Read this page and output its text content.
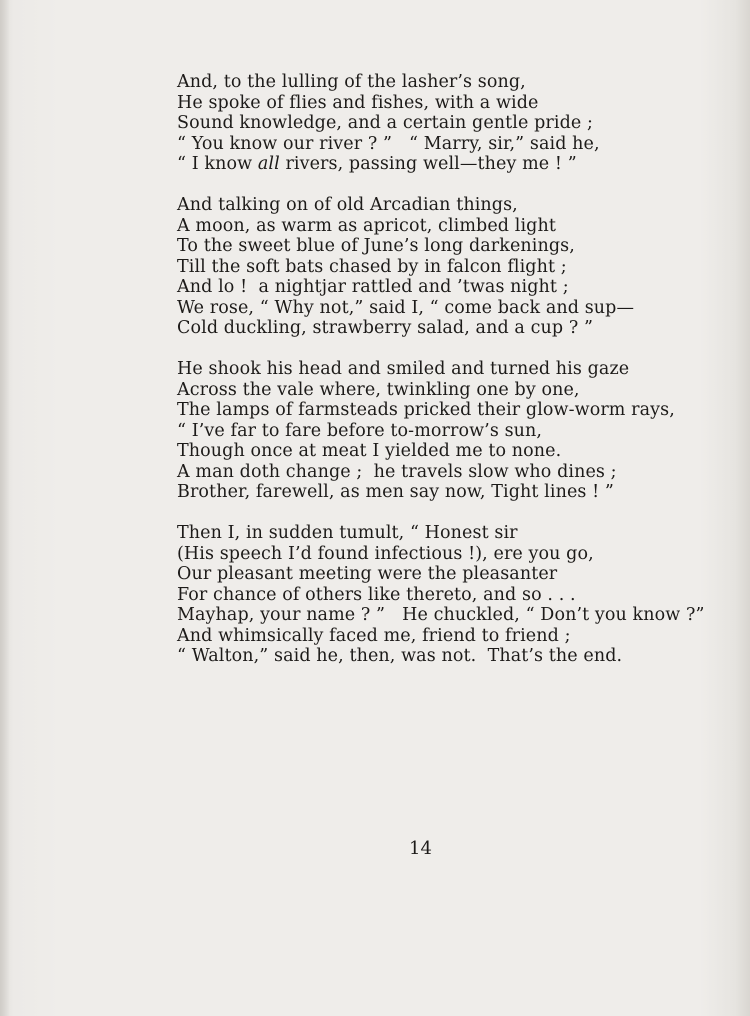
And, to the lulling of the lasher’s song,
He spoke of flies and fishes, with a wide
Sound knowledge, and a certain gentle pride ;
“ You know our river ? ”   “ Marry, sir,” said he,
“ I know all rivers, passing well—they me ! ”
And talking on of old Arcadian things,
A moon, as warm as apricot, climbed light
To the sweet blue of June’s long darkenings,
Till the soft bats chased by in falcon flight ;
And lo !  a nightjar rattled and ’twas night ;
We rose, “ Why not,” said I, “ come back and sup—
Cold duckling, strawberry salad, and a cup ? ”
He shook his head and smiled and turned his gaze
Across the vale where, twinkling one by one,
The lamps of farmsteads pricked their glow-worm rays,
“ I’ve far to fare before to-morrow’s sun,
Though once at meat I yielded me to none.
A man doth change ;  he travels slow who dines ;
Brother, farewell, as men say now, Tight lines ! ”
Then I, in sudden tumult, “ Honest sir
(His speech I’d found infectious !), ere you go,
Our pleasant meeting were the pleasanter
For chance of others like thereto, and so . . .
Mayhap, your name ? ”   He chuckled, “ Don’t you know ?”
And whimsically faced me, friend to friend ;
“ Walton,” said he, then, was not.  That’s the end.
14
